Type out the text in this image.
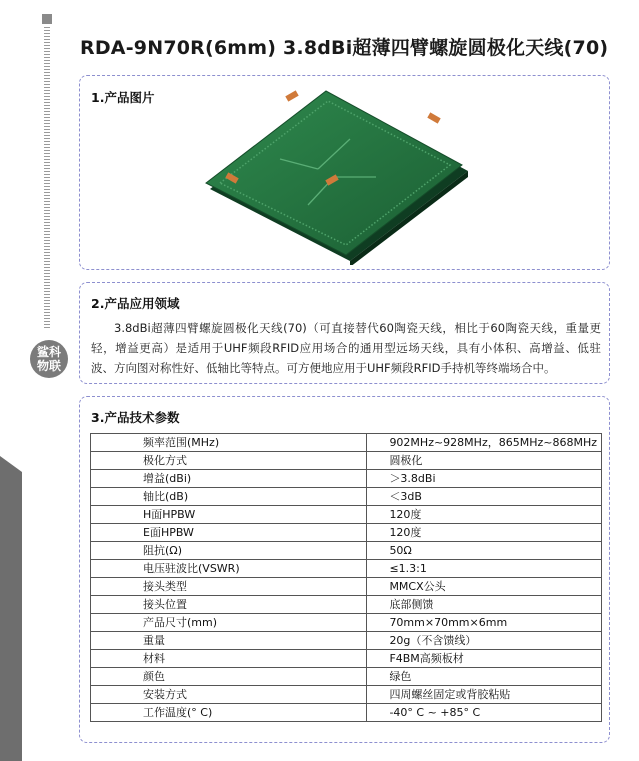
鲨科物联
RDA-9N70R(6mm) 3.8dBi超薄四臂螺旋圆极化天线(70)
1.产品图片
2.产品应用领域
3.8dBi超薄四臂螺旋圆极化天线(70)（可直接替代60陶瓷天线，相比于60陶瓷天线，重量更轻，增益更高）是适用于UHF频段RFID应用场合的通用型远场天线，具有小体积、高增益、低驻波、方向图对称性好、低轴比等特点。可方便地应用于UHF频段RFID手持机等终端场合中。
3.产品技术参数
频率范围(MHz)	902MHz~928MHz，865MHz~868MHz
极化方式	圆极化
增益(dBi)	＞3.8dBi
轴比(dB)	＜3dB
H面HPBW	120度
E面HPBW	120度
阻抗(Ω)	50Ω
电压驻波比(VSWR)	≤1.3:1
接头类型	MMCX公头
接头位置	底部侧馈
产品尺寸(mm)	70mm×70mm×6mm
重量	20g（不含馈线）
材料	F4BM高频板材
颜色	绿色
安装方式	四周螺丝固定或背胶粘贴
工作温度(° C)	-40° C ~ +85° C
